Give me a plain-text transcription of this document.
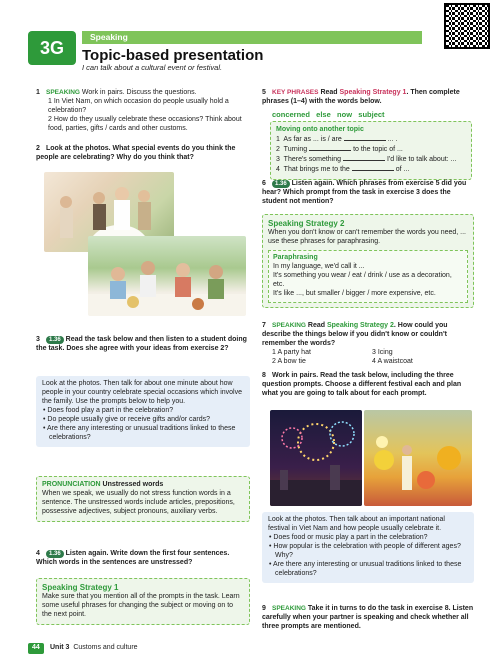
3G
Speaking
Topic-based presentation
I can talk about a cultural event or festival.
1 SPEAKING Work in pairs. Discuss the questions.
1 In Viet Nam, on which occasion do people usually hold a celebration?
2 How do they usually celebrate these occasions? Think about food, parties, gifts / cards and other customs.
2 Look at the photos. What special events do you think the people are celebrating? Why do you think that?
3 1.36 Read the task below and then listen to a student doing the task. Does she agree with your ideas from exercise 2?
Look at the photos. Then talk for about one minute about how people in your country celebrate special occasions which involve the family. Use the prompts below to help you.
• Does food play a part in the celebration?
• Do people usually give or receive gifts and/or cards?
• Are there any interesting or unusual traditions linked to these celebrations?
PRONUNCIATION Unstressed words
When we speak, we usually do not stress function words in a sentence. The unstressed words include articles, prepositions, possessive adjectives, subject pronouns, auxiliary verbs.
4 1.36 Listen again. Write down the first four sentences. Which words in the sentences are unstressed?
Speaking Strategy 1
Make sure that you mention all of the prompts in the task. Learn some useful phrases for changing the subject or moving on to the next point.
5 KEY PHRASES Read Speaking Strategy 1. Then complete phrases (1–4) with the words below.
concerned   else   now   subject
Moving onto another topic
1 As far as ... is / are	... .
2 Turning	to the topic of ...
3 There's something	I'd like to talk about: ...
4 That brings me to the	of ...
6 1.36 Listen again. Which phrases from exercise 5 did you hear? Which prompt from the task in exercise 3 does the student not mention?
Speaking Strategy 2
When you don't know or can't remember the words you need, ... use these phrases for paraphrasing.
Paraphrasing
In my language, we'd call it ...
It's something you wear / eat / drink / use as a decoration, etc.
It's like ..., but smaller / bigger / more expensive, etc.
7 SPEAKING Read Speaking Strategy 2. How could you describe the things below if you didn't know or couldn't remember the words?
1 A party hat	3 Icing
2 A bow tie	4 A waistcoat
8 Work in pairs. Read the task below, including the three question prompts. Choose a different festival each and plan what you are going to talk about for each prompt.
Look at the photos. Then talk about an important national festival in Viet Nam and how people usually celebrate it.
• Does food or music play a part in the celebration?
• How popular is the celebration with people of different ages? Why?
• Are there any interesting or unusual traditions linked to these celebrations?
9 SPEAKING Take it in turns to do the task in exercise 8. Listen carefully when your partner is speaking and check whether all three prompts are mentioned.
44	Unit 3 Customs and culture
